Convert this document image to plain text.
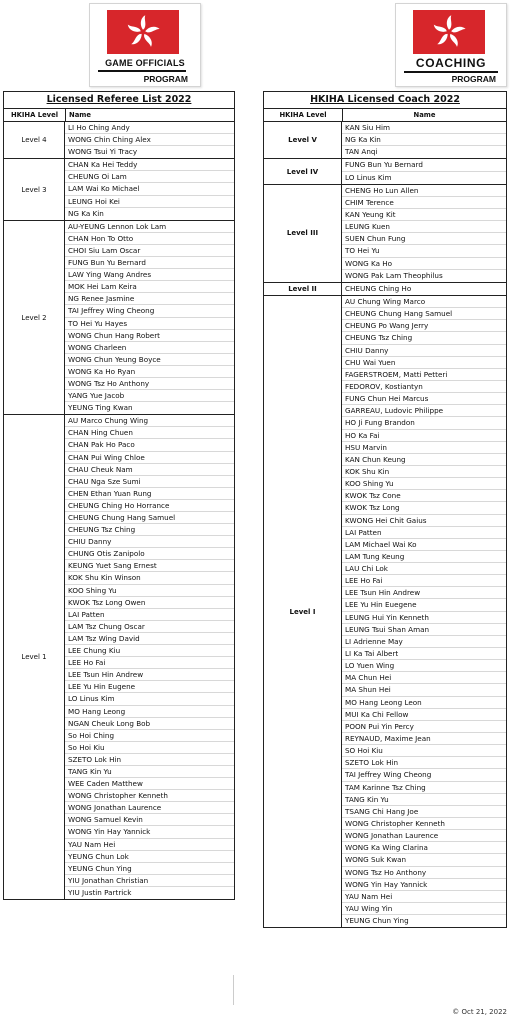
GAME OFFICIALS
PROGRAM
COACHING
PROGRAM
Licensed Referee List 2022
HKIHA Level	Name
Level 4
LI Ho Ching Andy
WONG Chin Ching Alex
WONG Tsui Yi Tracy
Level 3
CHAN Ka Hei Teddy
CHEUNG Oi Lam
LAM Wai Ko Michael
LEUNG Hoi Kei
NG Ka Kin
Level 2
AU-YEUNG Lennon Lok Lam
CHAN Hon To Otto
CHOI Siu Lam Oscar
FUNG Bun Yu Bernard
LAW Ying Wang Andres
MOK Hei Lam Keira
NG Renee Jasmine
TAI Jeffrey Wing Cheong
TO Hei Yu Hayes
WONG Chun Hang Robert
WONG Charleen
WONG Chun Yeung Boyce
WONG Ka Ho Ryan
WONG Tsz Ho Anthony
YANG Yue Jacob
YEUNG Ting Kwan
Level 1
AU Marco Chung Wing
CHAN Hing Chuen
CHAN Pak Ho Paco
CHAN Pui Wing Chloe
CHAU Cheuk Nam
CHAU Nga Sze Sumi
CHEN Ethan Yuan Rung
CHEUNG Ching Ho Horrance
CHEUNG Chung Hang Samuel
CHEUNG Tsz Ching
CHIU Danny
CHUNG Otis Zanipolo
KEUNG Yuet Sang Ernest
KOK Shu Kin Winson
KOO Shing Yu
KWOK Tsz Long Owen
LAI Patten
LAM Tsz Chung Oscar
LAM Tsz Wing David
LEE Chung Kiu
LEE Ho Fai
LEE Tsun Hin Andrew
LEE Yu Hin Eugene
LO Linus Kim
MO Hang Leong
NGAN Cheuk Long Bob
So Hoi Ching
So Hoi Kiu
SZETO Lok Hin
TANG Kin Yu
WEE Caden Matthew
WONG Christopher Kenneth
WONG Jonathan Laurence
WONG Samuel Kevin
WONG Yin Hay Yannick
YAU Nam Hei
YEUNG Chun Lok
YEUNG Chun Ying
YIU Jonathan Christian
YIU Justin Partrick
HKIHA Licensed Coach 2022
HKIHA Level	Name
Level V
KAN Siu Him
NG Ka Kin
TAN Anqi
Level IV
FUNG Bun Yu Bernard
LO Linus Kim
Level III
CHENG Ho Lun Allen
CHIM Terence
KAN Yeung Kit
LEUNG Kuen
SUEN Chun Fung
TO Hei Yu
WONG Ka Ho
WONG Pak Lam Theophilus
Level II	CHEUNG Ching Ho
Level I
AU Chung Wing Marco
CHEUNG Chung Hang Samuel
CHEUNG Po Wang Jerry
CHEUNG Tsz Ching
CHIU Danny
CHU Wai Yuen
FAGERSTROEM, Matti Petteri
FEDOROV, Kostiantyn
FUNG Chun Hei Marcus
GARREAU, Ludovic Philippe
HO Ji Fung Brandon
HO Ka Fai
HSU Marvin
KAN Chun Keung
KOK Shu Kin
KOO Shing Yu
KWOK Tsz Cone
KWOK Tsz Long
KWONG Hei Chit Gaius
LAI Patten
LAM Michael Wai Ko
LAM Tung Keung
LAU Chi Lok
LEE Ho Fai
LEE Tsun Hin Andrew
LEE Yu Hin Euegene
LEUNG Hui Yin Kenneth
LEUNG Tsui Shan Aman
LI Adrienne May
LI Ka Tai Albert
LO Yuen Wing
MA Chun Hei
MA Shun Hei
MO Hang Leong Leon
MUI Ka Chi Fellow
POON Pui Yin Percy
REYNAUD, Maxime Jean
SO Hoi Kiu
SZETO Lok Hin
TAI Jeffrey Wing Cheong
TAM Karinne Tsz Ching
TANG Kin Yu
TSANG Chi Hang Joe
WONG Christopher Kenneth
WONG Jonathan Laurence
WONG Ka Wing Clarina
WONG Suk Kwan
WONG Tsz Ho Anthony
WONG Yin Hay Yannick
YAU Nam Hei
YAU Wing Yin
YEUNG Chun Ying
© Oct 21, 2022
